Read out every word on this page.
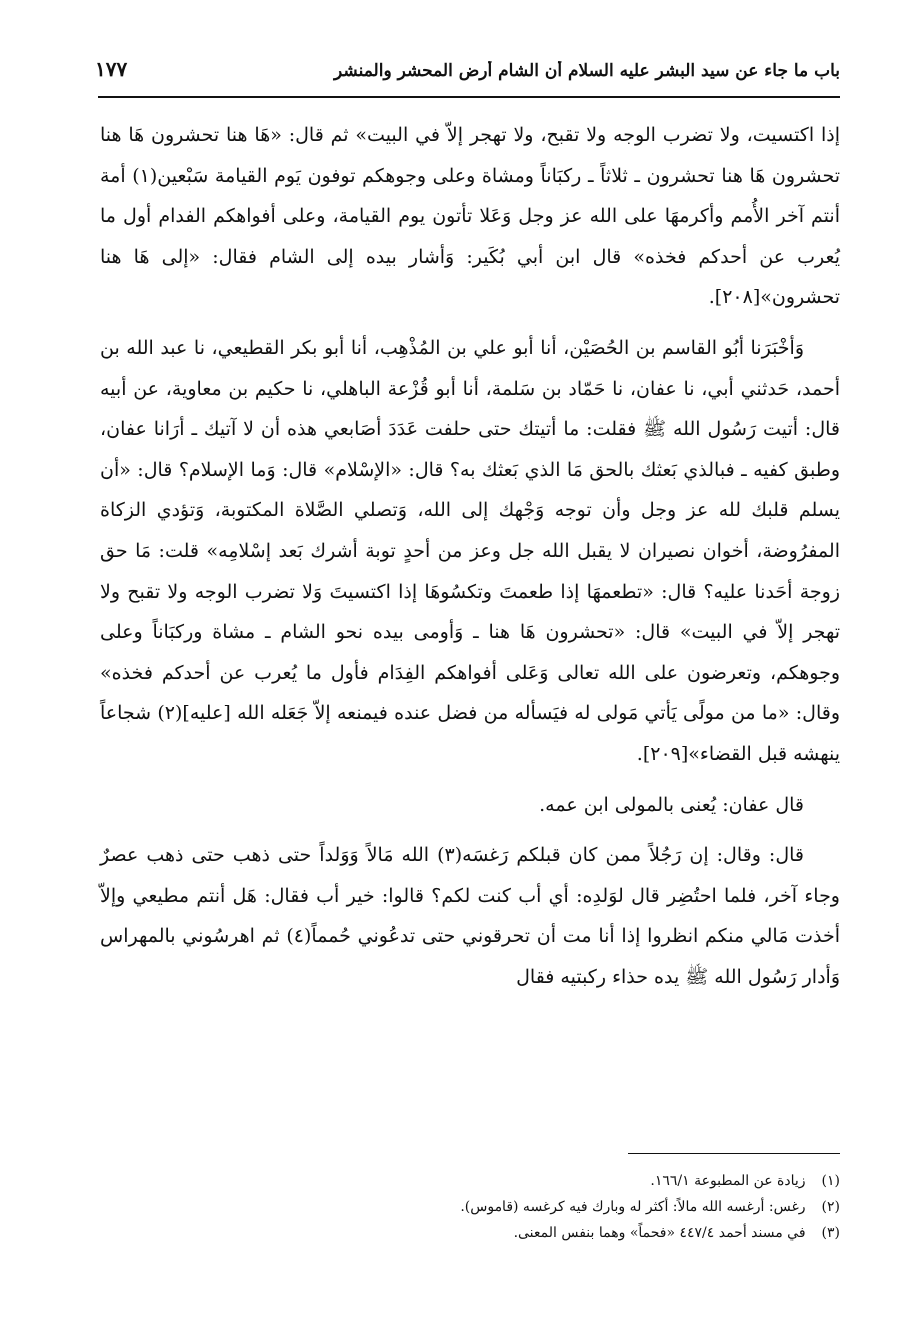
باب ما جاء عن سيد البشر عليه السلام أن الشام أرض المحشر والمنشر
١٧٧

إذا اكتسيت، ولا تضرب الوجه ولا تقبح، ولا تهجر إلاّ في البيت» ثم قال: «هَا هنا تحشرون هَا هنا تحشرون هَا هنا تحشرون ـ ثلاثاً ـ ركبَاناً ومشاة وعلى وجوهكم توفون يَوم القيامة سَبْعين(١) أمة أنتم آخر الأُمم وأكرمهَا على الله عز وجل وَعَلا تأتون يوم القيامة، وعلى أفواهكم الفدام أول ما يُعرب عن أحدكم فخذه» قال ابن أبي بُكَير: وَأشار بيده إلى الشام فقال: «إلى هَا هنا تحشرون»[٢٠٨].

وَأخْبَرَنا أبُو القاسم بن الحُصَيْن، أنا أبو علي بن المُذْهِب، أنا أبو بكر القطيعي، نا عبد الله بن أحمد، حَدثني أبي، نا عفان، نا حَمّاد بن سَلمة، أنا أبو قُزْعة الباهلي، نا حكيم بن معاوية، عن أبيه قال: أتيت رَسُول الله ﷺ فقلت: ما أتيتك حتى حلفت عَدَدَ أصَابعي هذه أن لا آتيك ـ أرَانا عفان، وطبق كفيه ـ فبالذي بَعثك بالحق مَا الذي بَعثك به؟ قال: «الإسْلام» قال: وَما الإسلام؟ قال: «أن يسلم قلبك لله عز وجل وأن توجه وَجْهك إلى الله، وَتصلي الصَّلاة المكتوبة، وَتؤدي الزكاة المفرُوضة، أخوان نصيران لا يقبل الله جل وعز من أحدٍ توبة أشرك بَعد إسْلامِه» قلت: مَا حق زوجة أحَدنا عليه؟ قال: «تطعمهَا إذا طعمتَ وتكسُوهَا إذا اكتسيتَ وَلا تضرب الوجه ولا تقبح ولا تهجر إلاّ في البيت» قال: «تحشرون هَا هنا ـ وَأومى بيده نحو الشام ـ مشاة وركبَاناً وعلى وجوهكم، وتعرضون على الله تعالى وَعَلى أفواهكم الفِدَام فأول ما يُعرب عن أحدكم فخذه» وقال: «ما من مولًى يَأتي مَولى له فيَسأله من فضل عنده فيمنعه إلاّ جَعَله الله [عليه](٢) شجاعاً ينهشه قبل القضاء»[٢٠٩].

قال عفان: يُعنى بالمولى ابن عمه.

قال: وقال: إن رَجُلاً ممن كان قبلكم رَغسَه(٣) الله مَالاً وَوَلداً حتى ذهب حتى ذهب عصرٌ وجاء آخر، فلما احتُضِر قال لوَلدِه: أي أب كنت لكم؟ قالوا: خير أب فقال: هَل أنتم مطيعي وإلاّ أخذت مَالي منكم انظروا إذا أنا مت أن تحرقوني حتى تدعُوني حُمماً(٤) ثم اهرسُوني بالمهراس وَأدار رَسُول الله ﷺ يده حذاء ركبتيه فقال

(١) زيادة عن المطبوعة ١٦٦/١.
(٢) رغس: أرغسه الله مالاً: أكثر له وبارك فيه كرغسه (قاموس).
(٣) في مسند أحمد ٤٤٧/٤ «فحماً» وهما بنفس المعنى.
